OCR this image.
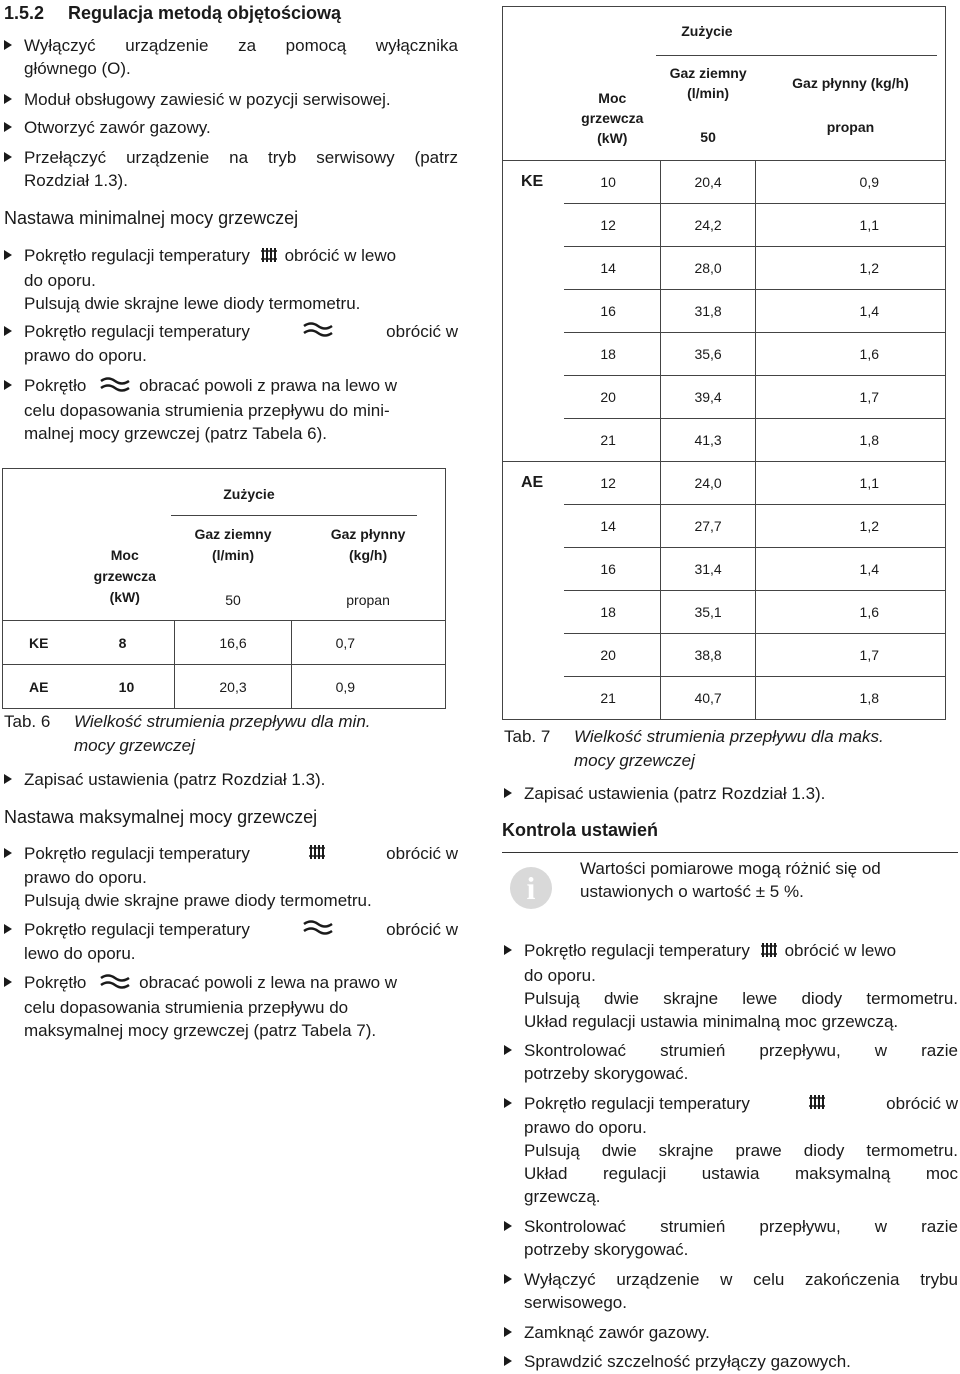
1.5.2 Regulacja metodą objętościową
Wyłączyć urządzenie za pomocą wyłącznika
głównego (O).
Moduł obsługowy zawiesić w pozycji serwisowej.
Otworzyć zawór gazowy.
Przełączyć urządzenie na tryb serwisowy (patrz
Rozdział 1.3).
Nastawa minimalnej mocy grzewczej
Pokrętło regulacji temperatury obrócić w lewo
do oporu.
Pulsują dwie skrajne lewe diody termometru.
Pokrętło regulacji temperatury	obrócić w
prawo do oporu.
Pokrętło	obracać powoli z prawa na lewo w
celu dopasowania strumienia przepływu do mini-
malnej mocy grzewczej (patrz Tabela 6).
		Zużycie	

	Moc
grzewcza
(kW)	Gaz ziemny
(l/min)
50	Gaz płynny
(kg/h)
propan

KE	8	16,6	0,7
AE	10	20,3	0,9
Tab. 6 Wielkość strumienia przepływu dla min.
mocy grzewczej
Zapisać ustawienia (patrz Rozdział 1.3).
Nastawa maksymalnej mocy grzewczej
Pokrętło regulacji temperatury	obrócić w
prawo do oporu.
Pulsują dwie skrajne prawe diody termometru.
Pokrętło regulacji temperatury	obrócić w
lewo do oporu.
Pokrętło	obracać powoli z lewa na prawo w
celu dopasowania strumienia przepływu do
maksymalnej mocy grzewczej (patrz Tabela 7).
		Zużycie	

	Moc
grzewcza
(kW)	Gaz ziemny
(l/min)
50	Gaz płynny (kg/h)
propan

KE	10	20,4	0,9
	12	24,2	1,1
	14	28,0	1,2
	16	31,8	1,4
	18	35,6	1,6
	20	39,4	1,7
	21	41,3	1,8
AE	12	24,0	1,1
	14	27,7	1,2
	16	31,4	1,4
	18	35,1	1,6
	20	38,8	1,7
	21	40,7	1,8
Tab. 7 Wielkość strumienia przepływu dla maks.
mocy grzewczej
Zapisać ustawienia (patrz Rozdział 1.3).
Kontrola ustawień
i
Wartości pomiarowe mogą różnić się od
ustawionych o wartość ± 5 %.
Pokrętło regulacji temperatury obrócić w lewo
do oporu.
Pulsują dwie skrajne lewe diody termometru.
Układ regulacji ustawia minimalną moc grzewczą.
Skontrolować strumień przepływu, w razie
potrzeby skorygować.
Pokrętło regulacji temperatury	obrócić w
prawo do oporu.
Pulsują dwie skrajne prawe diody termometru.
Układ regulacji ustawia maksymalną moc
grzewczą.
Skontrolować strumień przepływu, w razie
potrzeby skorygować.
Wyłączyć urządzenie w celu zakończenia trybu
serwisowego.
Zamknąć zawór gazowy.
Sprawdzić szczelność przyłączy gazowych.
